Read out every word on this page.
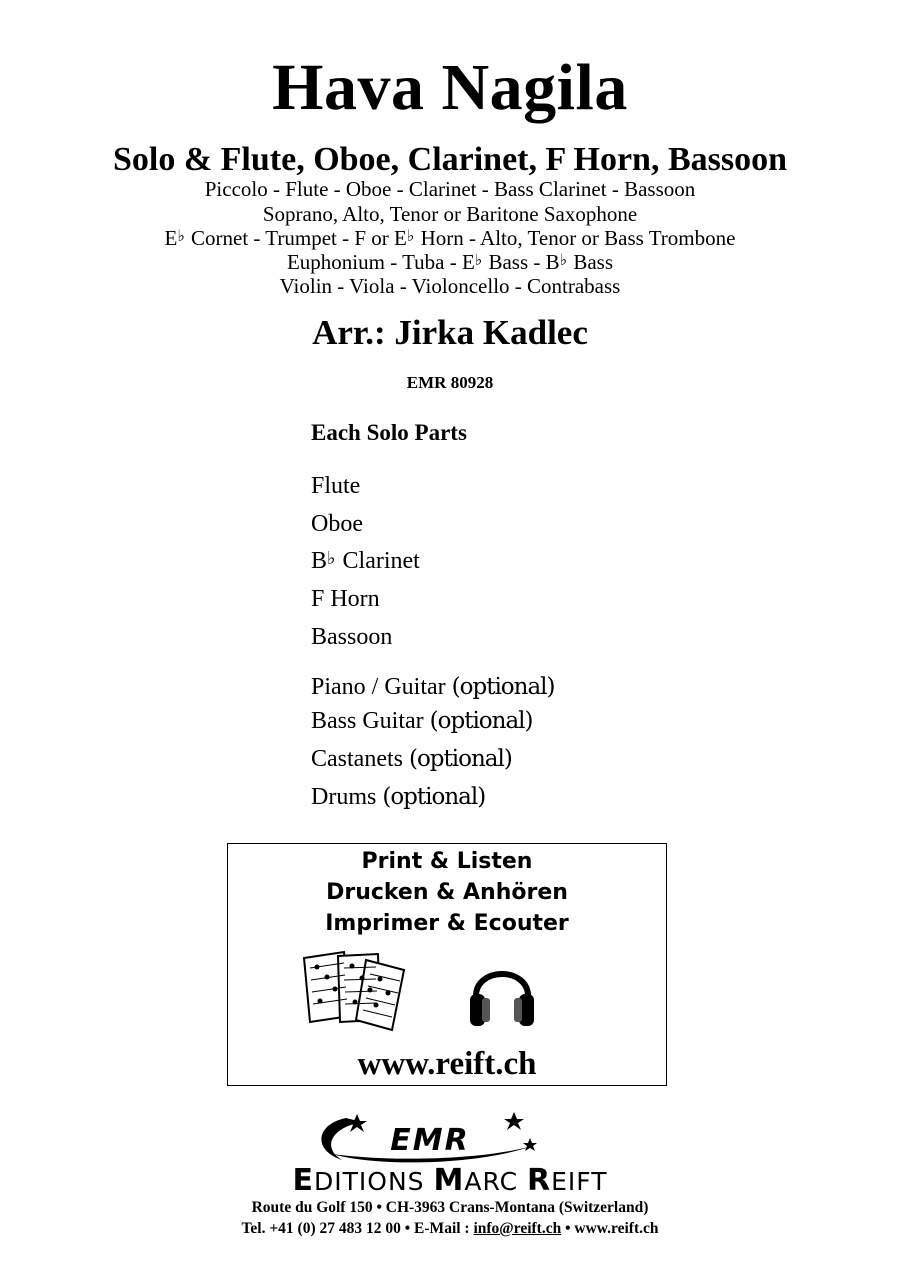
Hava Nagila
Solo & Flute, Oboe, Clarinet, F Horn, Bassoon
Piccolo - Flute - Oboe - Clarinet - Bass Clarinet - Bassoon
Soprano, Alto, Tenor or Baritone Saxophone
E♭ Cornet - Trumpet - F or E♭ Horn - Alto, Tenor or Bass Trombone
Euphonium - Tuba - E♭ Bass - B♭ Bass
Violin - Viola - Violoncello - Contrabass
Arr.: Jirka Kadlec
EMR 80928
Each Solo Parts
Flute
Oboe
B♭ Clarinet
F Horn
Bassoon
Piano / Guitar (optional)
Bass Guitar (optional)
Castanets (optional)
Drums (optional)
Print & Listen
Drucken & Anhören
Imprimer & Ecouter
www.reift.ch
EMR
EDITIONS MARC REIFT
Route du Golf 150 • CH-3963 Crans-Montana (Switzerland)
Tel. +41 (0) 27 483 12 00 • E-Mail : info@reift.ch • www.reift.ch
